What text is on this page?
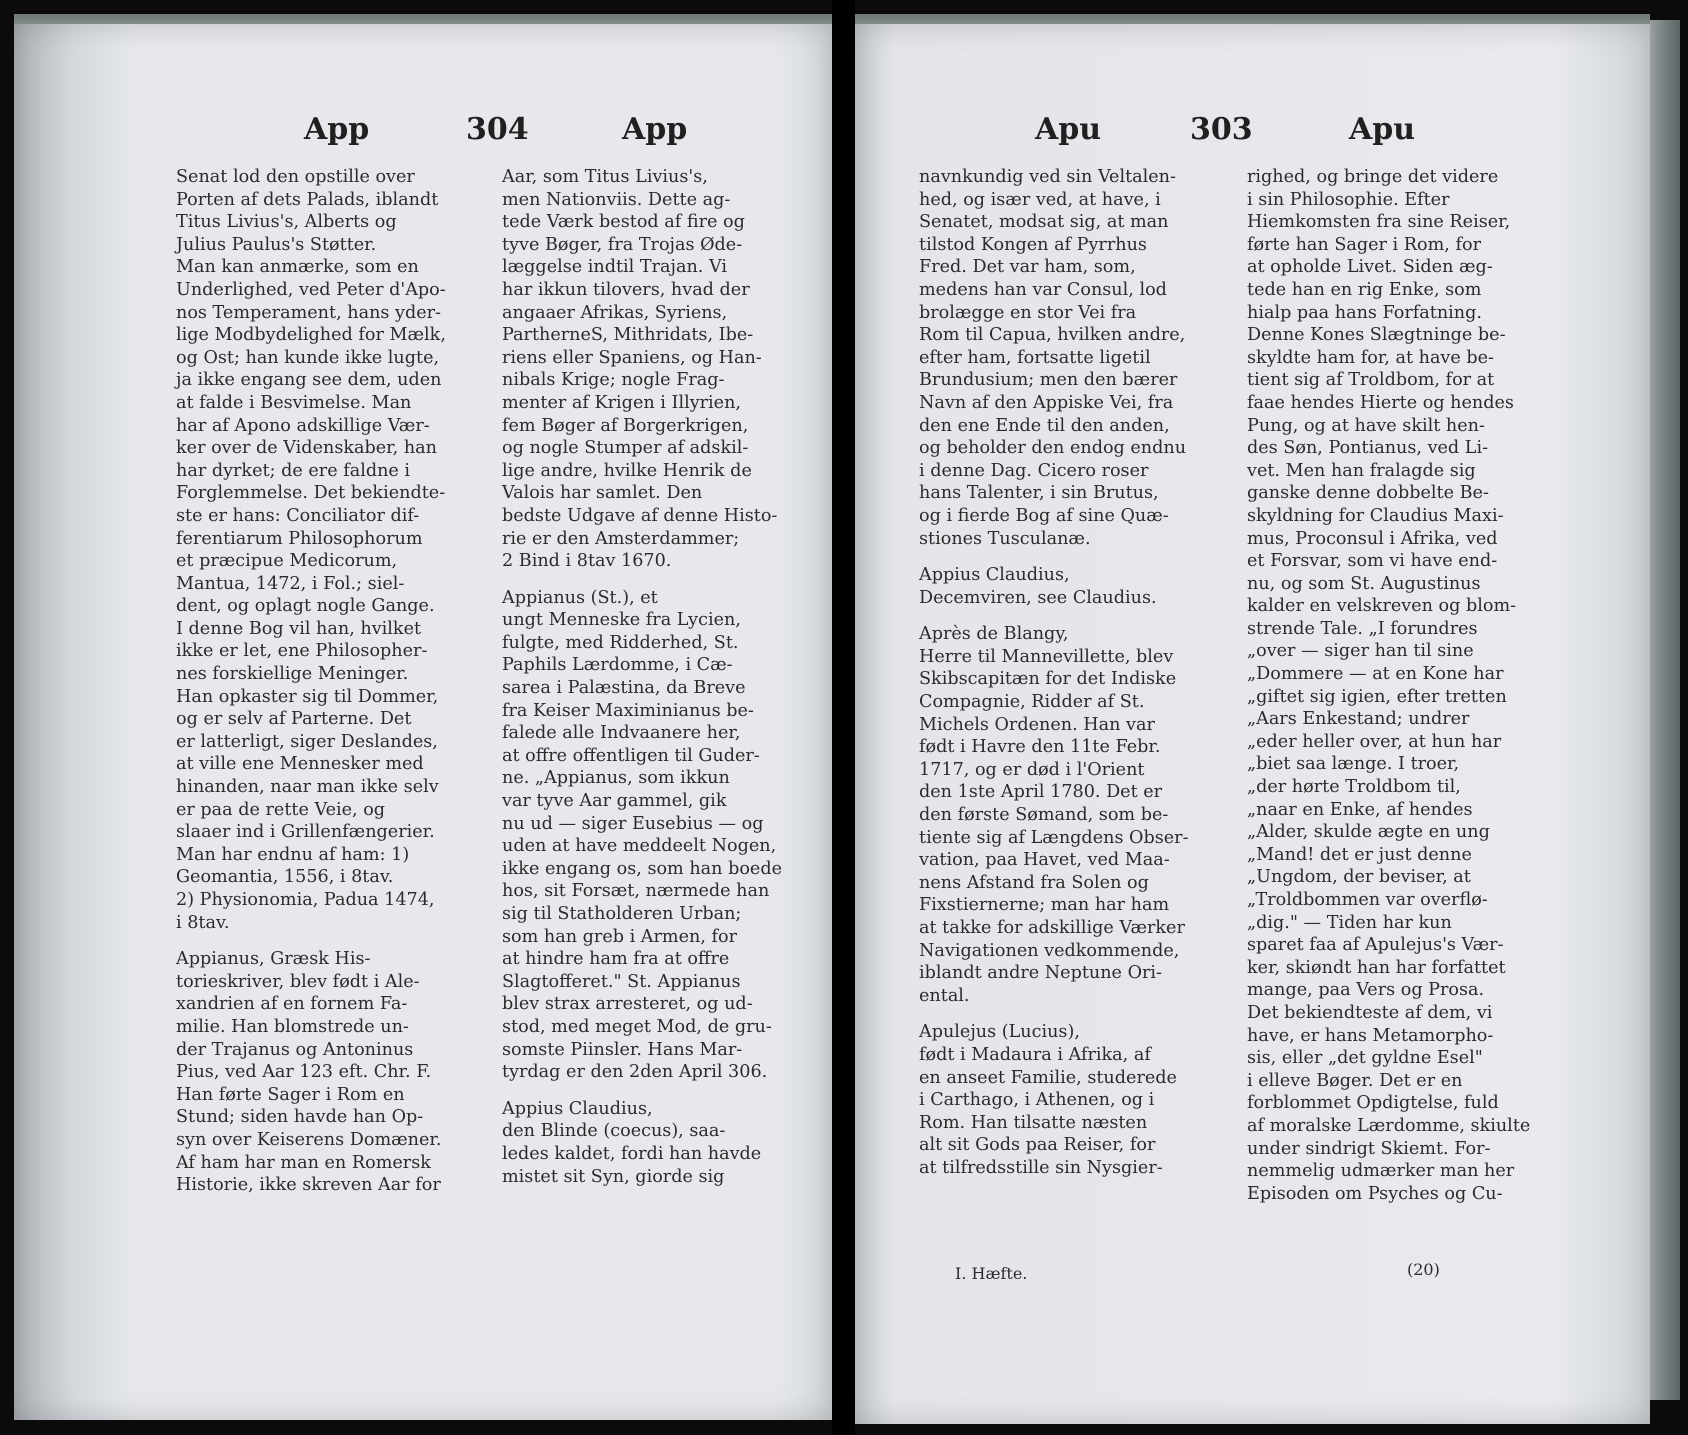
App	304	App

Senat lod den opstille over
Porten af dets Palads, iblandt
Titus Livius's, Alberts og
Julius Paulus's Støtter.
Man kan anmærke, som en
Underlighed, ved Peter d'Apo-
nos Temperament, hans yder-
lige Modbydelighed for Mælk,
og Ost; han kunde ikke lugte,
ja ikke engang see dem, uden
at falde i Besvimelse. Man
har af Apono adskillige Vær-
ker over de Videnskaber, han
har dyrket; de ere faldne i
Forglemmelse. Det bekiendte-
ste er hans: Conciliator dif-
ferentiarum Philosophorum
et præcipue Medicorum,
Mantua, 1472, i Fol.; siel-
dent, og oplagt nogle Gange.
I denne Bog vil han, hvilket
ikke er let, ene Philosopher-
nes forskiellige Meninger.
Han opkaster sig til Dommer,
og er selv af Parterne. Det
er latterligt, siger Deslandes,
at ville ene Mennesker med
hinanden, naar man ikke selv
er paa de rette Veie, og
slaaer ind i Grillenfængerier.
Man har endnu af ham: 1)
Geomantia, 1556, i 8tav.
2) Physionomia, Padua 1474,
i 8tav.

Appianus, Græsk His-
torieskriver, blev født i Ale-
xandrien af en fornem Fa-
milie. Han blomstrede un-
der Trajanus og Antoninus
Pius, ved Aar 123 eft. Chr. F.
Han førte Sager i Rom en
Stund; siden havde han Op-
syn over Keiserens Domæner.
Af ham har man en Romersk
Historie, ikke skreven Aar for

Aar, som Titus Livius's,
men Nationviis. Dette ag-
tede Værk bestod af fire og
tyve Bøger, fra Trojas Øde-
læggelse indtil Trajan. Vi
har ikkun tilovers, hvad der
angaaer Afrikas, Syriens,
PartherneS, Mithridats, Ibe-
riens eller Spaniens, og Han-
nibals Krige; nogle Frag-
menter af Krigen i Illyrien,
fem Bøger af Borgerkrigen,
og nogle Stumper af adskil-
lige andre, hvilke Henrik de
Valois har samlet. Den
bedste Udgave af denne Histo-
rie er den Amsterdammer;
2 Bind i 8tav 1670.

Appianus (St.), et
ungt Menneske fra Lycien,
fulgte, med Ridderhed, St.
Paphils Lærdomme, i Cæ-
sarea i Palæstina, da Breve
fra Keiser Maximinianus be-
falede alle Indvaanere her,
at offre offentligen til Guder-
ne. „Appianus, som ikkun
var tyve Aar gammel, gik
nu ud — siger Eusebius — og
uden at have meddeelt Nogen,
ikke engang os, som han boede
hos, sit Forsæt, nærmede han
sig til Statholderen Urban;
som han greb i Armen, for
at hindre ham fra at offre
Slagtofferet." St. Appianus
blev strax arresteret, og ud-
stod, med meget Mod, de gru-
somste Piinsler. Hans Mar-
tyrdag er den 2den April 306.

Appius Claudius,
den Blinde (coecus), saa-
ledes kaldet, fordi han havde
mistet sit Syn, giorde sig

Apu	303	Apu

navnkundig ved sin Veltalen-
hed, og især ved, at have, i
Senatet, modsat sig, at man
tilstod Kongen af Pyrrhus
Fred. Det var ham, som,
medens han var Consul, lod
brolægge en stor Vei fra
Rom til Capua, hvilken andre,
efter ham, fortsatte ligetil
Brundusium; men den bærer
Navn af den Appiske Vei, fra
den ene Ende til den anden,
og beholder den endog endnu
i denne Dag. Cicero roser
hans Talenter, i sin Brutus,
og i fierde Bog af sine Quæ-
stiones Tusculanæ.

Appius Claudius,
Decemviren, see Claudius.

Après de Blangy,
Herre til Mannevillette, blev
Skibscapitæn for det Indiske
Compagnie, Ridder af St.
Michels Ordenen. Han var
født i Havre den 11te Febr.
1717, og er død i l'Orient
den 1ste April 1780. Det er
den første Sømand, som be-
tiente sig af Længdens Obser-
vation, paa Havet, ved Maa-
nens Afstand fra Solen og
Fixstiernerne; man har ham
at takke for adskillige Værker
Navigationen vedkommende,
iblandt andre Neptune Ori-
ental.

Apulejus (Lucius),
født i Madaura i Afrika, af
en anseet Familie, studerede
i Carthago, i Athenen, og i
Rom. Han tilsatte næsten
alt sit Gods paa Reiser, for
at tilfredsstille sin Nysgier-

righed, og bringe det videre
i sin Philosophie. Efter
Hiemkomsten fra sine Reiser,
førte han Sager i Rom, for
at opholde Livet. Siden æg-
tede han en rig Enke, som
hialp paa hans Forfatning.
Denne Kones Slægtninge be-
skyldte ham for, at have be-
tient sig af Troldbom, for at
faae hendes Hierte og hendes
Pung, og at have skilt hen-
des Søn, Pontianus, ved Li-
vet. Men han fralagde sig
ganske denne dobbelte Be-
skyldning for Claudius Maxi-
mus, Proconsul i Afrika, ved
et Forsvar, som vi have end-
nu, og som St. Augustinus
kalder en velskreven og blom-
strende Tale. „I forundres
„over — siger han til sine
„Dommere — at en Kone har
„giftet sig igien, efter tretten
„Aars Enkestand; undrer
„eder heller over, at hun har
„biet saa længe. I troer,
„der hørte Troldbom til,
„naar en Enke, af hendes
„Alder, skulde ægte en ung
„Mand! det er just denne
„Ungdom, der beviser, at
„Troldbommen var overflø-
„dig." — Tiden har kun
sparet faa af Apulejus's Vær-
ker, skiøndt han har forfattet
mange, paa Vers og Prosa.
Det bekiendteste af dem, vi
have, er hans Metamorpho-
sis, eller „det gyldne Esel"
i elleve Bøger. Det er en
forblommet Opdigtelse, fuld
af moralske Lærdomme, skiulte
under sindrigt Skiemt. For-
nemmelig udmærker man her
Episoden om Psyches og Cu-

I. Hæfte.	(20)
